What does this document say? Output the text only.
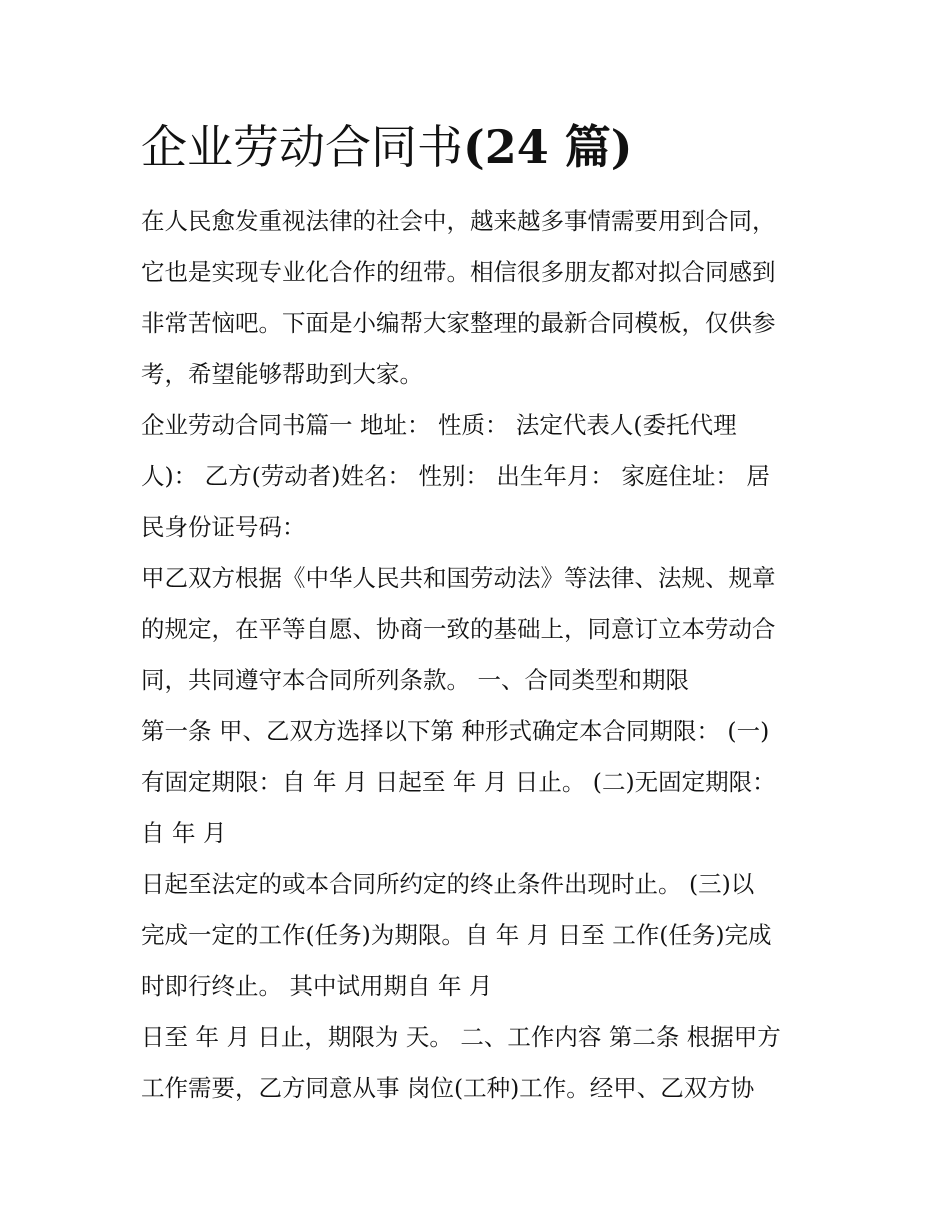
企业劳动合同书(24 篇)

在人民愈发重视法律的社会中，越来越多事情需要用到合同，

它也是实现专业化合作的纽带。相信很多朋友都对拟合同感到

非常苦恼吧。下面是小编帮大家整理的最新合同模板，仅供参

考，希望能够帮助到大家。

企业劳动合同书篇一 地址： 性质： 法定代表人(委托代理

人)： 乙方(劳动者)姓名： 性别： 出生年月： 家庭住址： 居

民身份证号码：

甲乙双方根据《中华人民共和国劳动法》等法律、法规、规章

的规定，在平等自愿、协商一致的基础上，同意订立本劳动合

同，共同遵守本合同所列条款。 一、合同类型和期限

第一条 甲、乙双方选择以下第 种形式确定本合同期限： (一)

有固定期限：自 年 月 日起至 年 月 日止。 (二)无固定期限：

自 年 月

日起至法定的或本合同所约定的终止条件出现时止。 (三)以

完成一定的工作(任务)为期限。自 年 月 日至 工作(任务)完成

时即行终止。 其中试用期自 年 月

日至 年 月 日止，期限为 天。 二、工作内容 第二条 根据甲方

工作需要，乙方同意从事 岗位(工种)工作。经甲、乙双方协
